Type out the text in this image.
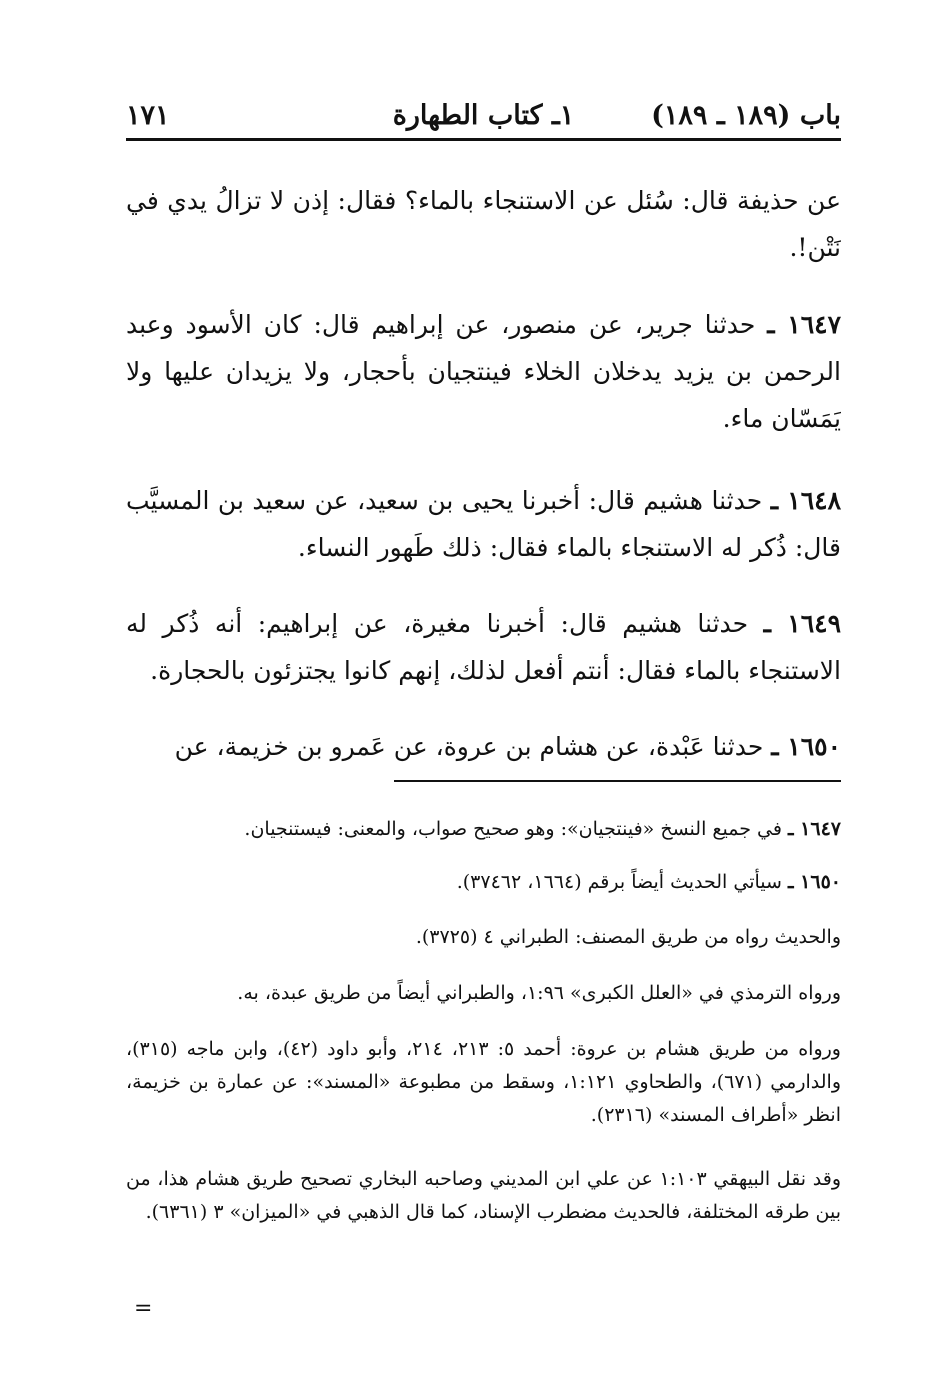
باب (١٨٩ ـ ١٨٩)
١ـ كتاب الطهارة
١٧١

عن حذيفة قال: سُئل عن الاستنجاء بالماء؟ فقال: إذن لا تزالُ يدي في نَتْن!.

١٦٤٧ ـ حدثنا جرير، عن منصور، عن إبراهيم قال: كان الأسود وعبد الرحمن بن يزيد يدخلان الخلاء فينتجيان بأحجار، ولا يزيدان عليها ولا يَمَسّان ماء.

١٦٤٨ ـ حدثنا هشيم قال: أخبرنا يحيى بن سعيد، عن سعيد بن المسيَّب قال: ذُكر له الاستنجاء بالماء فقال: ذلك طَهور النساء.

١٦٤٩ ـ حدثنا هشيم قال: أخبرنا مغيرة، عن إبراهيم: أنه ذُكر له الاستنجاء بالماء فقال: أنتم أفعل لذلك، إنهم كانوا يجتزئون بالحجارة.

١٦٥٠ ـ حدثنا عَبْدة، عن هشام بن عروة، عن عَمرو بن خزيمة، عن

١٦٤٧ ـ في جميع النسخ «فينتجيان»: وهو صحيح صواب، والمعنى: فيستنجيان.

١٦٥٠ ـ سيأتي الحديث أيضاً برقم (١٦٦٤، ٣٧٤٦٢).

والحديث رواه من طريق المصنف: الطبراني ٤ (٣٧٢٥).

ورواه الترمذي في «العلل الكبرى» ١:٩٦، والطبراني أيضاً من طريق عبدة، به.

ورواه من طريق هشام بن عروة: أحمد ٥: ٢١٣، ٢١٤، وأبو داود (٤٢)، وابن ماجه (٣١٥)، والدارمي (٦٧١)، والطحاوي ١:١٢١، وسقط من مطبوعة «المسند»: عن عمارة بن خزيمة، انظر «أطراف المسند» (٢٣١٦).

وقد نقل البيهقي ١:١٠٣ عن علي ابن المديني وصاحبه البخاري تصحيح طريق هشام هذا، من بين طرقه المختلفة، فالحديث مضطرب الإسناد، كما قال الذهبي في «الميزان» ٣ (٦٣٦١).

=
